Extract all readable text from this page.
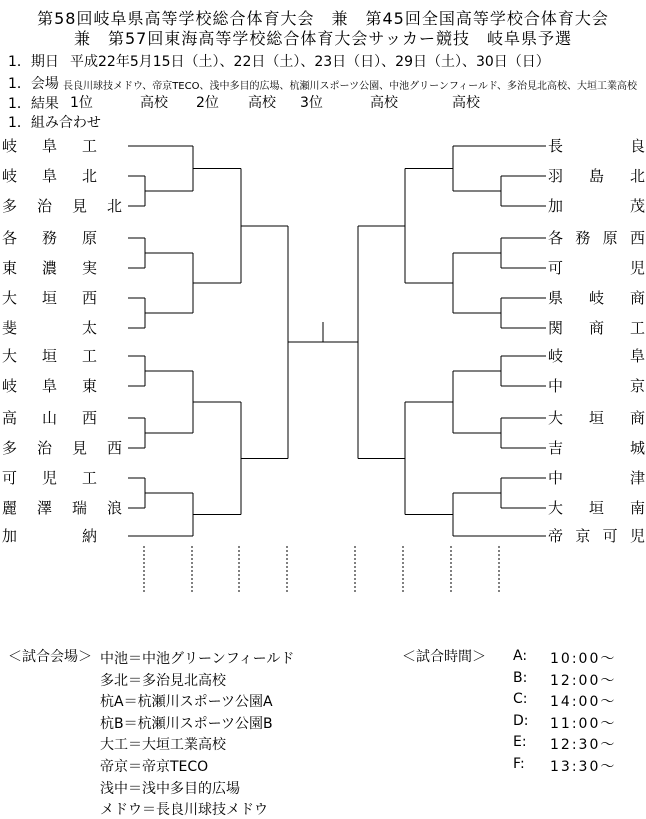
第58回岐阜県高等学校総合体育大会　兼　第45回全国高等学校合体育大会
兼　第57回東海高等学校総合体育大会サッカー競技　岐阜県予選
1．期日 平成22年5月15日（土）、22日（土）、23日（日）、29日（土）、30日（日）
1．会場 長良川球技メドウ、帝京TECO、浅中多目的広場、杭瀬川スポーツ公園、中池グリーンフィールド、多治見北高校、大垣工業高校
1．結果 1位	高校 2位 高校 3位	高校	高校
1．組み合わせ
岐 阜 工
岐 阜 北
多 治 見 北
各 務 原
東 濃 実
大 垣 西
斐	太
大 垣 工
岐 阜 東
高 山 西
多 治 見 西
可 児 工
麗 澤 瑞 浪
加	納
長	良
羽 島 北
加	茂
各 務 原 西
可	児
県 岐 商
関 商 工
岐	阜
中	京
大 垣 商
吉	城
中	津
大 垣 南
帝 京 可 児
＜試合会場＞ 中池＝中池グリーンフィールド
多北＝多治見北高校
杭A＝杭瀬川スポーツ公園A
杭B＝杭瀬川スポーツ公園B
大工＝大垣工業高校
帝京＝帝京TECO
浅中＝浅中多目的広場
メドウ＝長良川球技メドウ
＜試合時間＞ A: 10:00～
B: 12:00～
C: 14:00～
D: 11:00～
E: 12:30～
F: 13:30～
